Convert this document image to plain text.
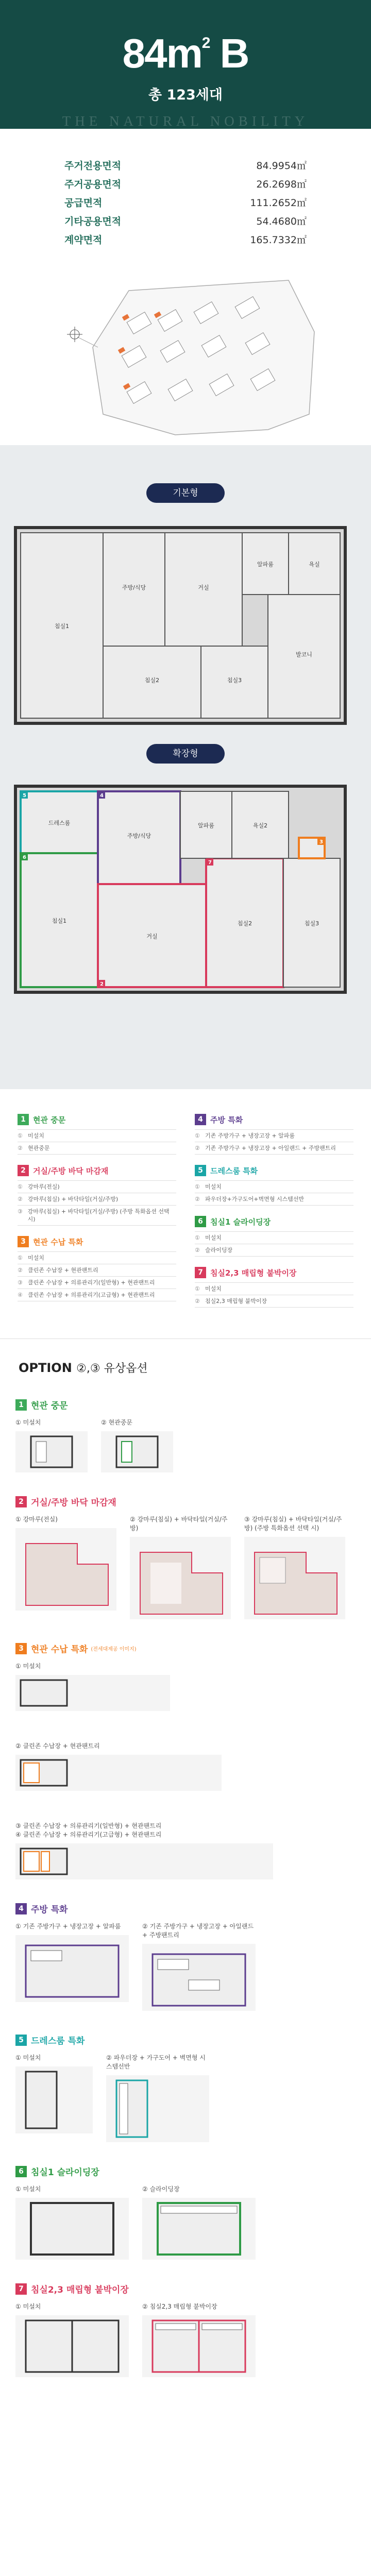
$84m^2$ B
총 123세대
THE NATURAL NOBILITY
주거전용면적	84.9954㎡
주거공용면적	26.2698㎡
공급면적	111.2652㎡
기타공용면적	54.4680㎡
계약면적	165.7332㎡
기본형
침실1
주방/식당	거실
알파룸	욕실
침실2	침실3
발코니
확장형
5
6
4
2
7
3
드레스룸
침실1
주방/식당
거실
알파룸	욕실2
침실2	침실3
1 현관 중문
① 미설치
② 현관중문
2 거실/주방 바닥 마감재
① 강마루(전실)
② 강마루(침실) + 바닥타일(거실/주방)
③ 강마루(침실) + 바닥타일(거실/주방) (주방 특화옵션 선택 시)
3 현관 수납 특화
① 미설치
② 클린존 수납장 + 현관팬트리
③ 클린존 수납장 + 의류관리기(일반형) + 현관팬트리
④ 클린존 수납장 + 의류관리기(고급형) + 현관팬트리
4 주방 특화
① 기존 주방가구 + 냉장고장 + 알파룸
② 기존 주방가구 + 냉장고장 + 아일랜드 + 주방팬트리
5 드레스룸 특화
① 미설치
② 파우더장+가구도어+벽면형 시스템선반
6 침실1 슬라이딩장
① 미설치
② 슬라이딩장
7 침실2,3 매립형 붙박이장
① 미설치
② 침실2,3 매립형 붙박이장
OPTION ②,③ 유상옵션
1 현관 중문
① 미설치	② 현관중문
2 거실/주방 바닥 마감재
① 강마루(전실)	② 강마루(침실) + 바닥타일(거실/주방)
③ 강마루(침실) + 바닥타일(거실/주방) (주방 특화옵션 선택 시)
3 현관 수납 특화 (전세대제공 이미지)
① 미설치
② 클린존 수납장 + 현관팬트리
③ 클린존 수납장 + 의류관리기(일반형) + 현관팬트리
④ 클린존 수납장 + 의류관리기(고급형) + 현관팬트리
4 주방 특화
① 기존 주방가구 + 냉장고장 + 알파룸	② 기존 주방가구 + 냉장고장 + 아일랜드 + 주방팬트리
5 드레스룸 특화
① 미설치	② 파우더장 + 가구도어 + 벽면형 시스템선반
6 침실1 슬라이딩장
① 미설치	② 슬라이딩장
7 침실2,3 매립형 붙박이장
① 미설치	② 침실2,3 매립형 붙박이장
